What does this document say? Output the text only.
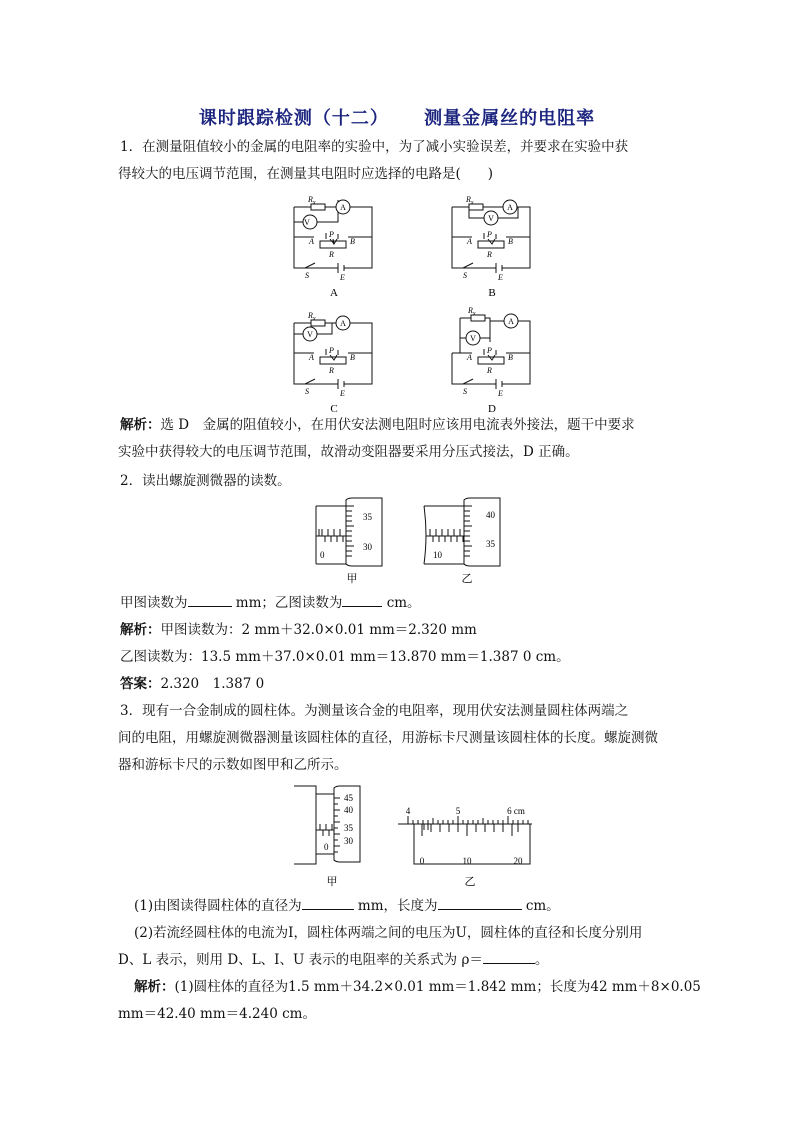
课时跟踪检测（十二） 测量金属丝的电阻率
1．在测量阻值较小的金属的电阻率的实验中，为了减小实验误差，并要求在实验中获
得较大的电压调节范围，在测量其电阻时应选择的电路是(　　)
$R_x$
V
A
A
P
B
R
S	E
A
$R_x$
V
A
A
P
B
R
S	E
B
$R_x$
V
A
A
P
B
R
S	E
C
$R_x$
V
A
A
P
B
R
S	E
D
解析：选 D　金属的阻值较小，在用伏安法测电阻时应该用电流表外接法，题干中要求
实验中获得较大的电压调节范围，故滑动变阻器要采用分压式接法，D 正确。
2．读出螺旋测微器的读数。
35
30
0
甲
40
35
10
乙
甲图读数为	mm；乙图读数为	cm。
解析：甲图读数为：2 mm＋32.0×0.01 mm＝2.320 mm
乙图读数为：13.5 mm＋37.0×0.01 mm＝13.870 mm＝1.387 0 cm。
答案：2.320　1.387 0
3．现有一合金制成的圆柱体。为测量该合金的电阻率，现用伏安法测量圆柱体两端之
间的电阻，用螺旋测微器测量该圆柱体的直径，用游标卡尺测量该圆柱体的长度。螺旋测微
器和游标卡尺的示数如图甲和乙所示。
45
40
35
30
0
甲
4	5	6 cm
0	10	20
乙
(1)由图读得圆柱体的直径为	mm，长度为	cm。
(2)若流经圆柱体的电流为I，圆柱体两端之间的电压为U，圆柱体的直径和长度分别用
D、L 表示，则用 D、L、I、U 表示的电阻率的关系式为 ρ＝	。
解析：(1)圆柱体的直径为1.5 mm＋34.2×0.01 mm＝1.842 mm；长度为42 mm＋8×0.05
mm＝42.40 mm＝4.240 cm。
